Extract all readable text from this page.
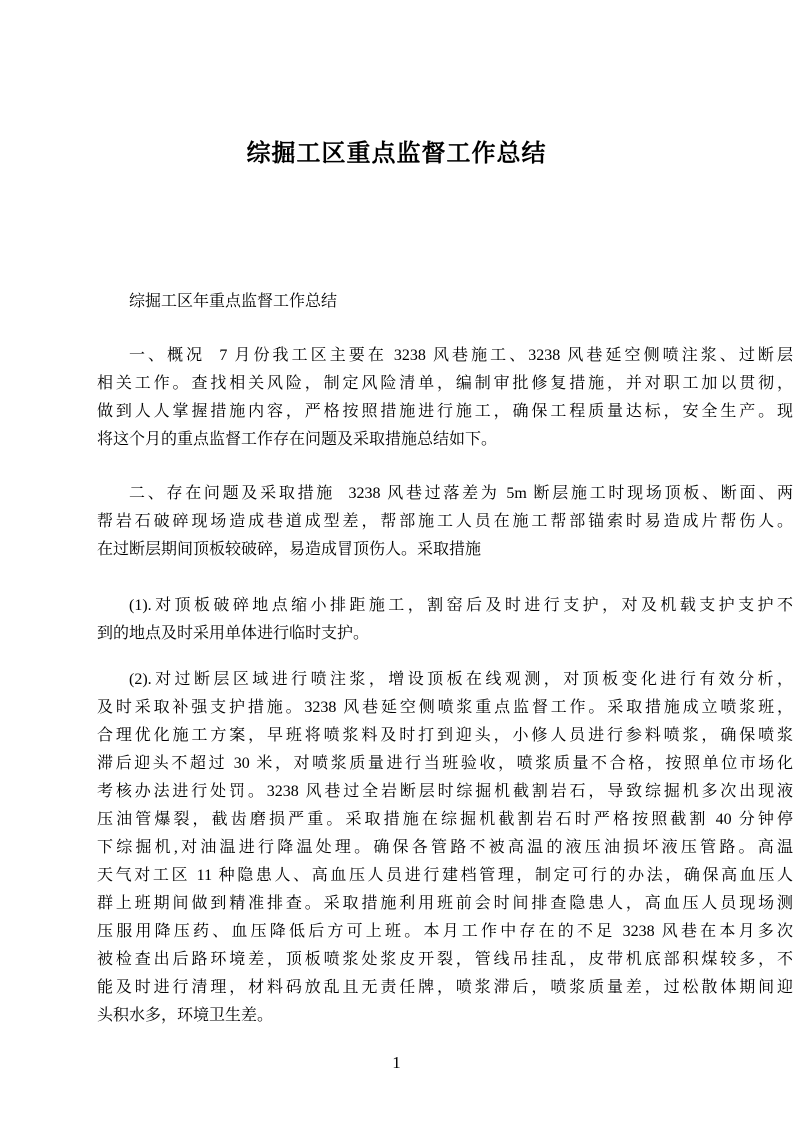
综掘工区重点监督工作总结
综掘工区年重点监督工作总结
一、概况  7 月份我工区主要在 3238 风巷施工、3238 风巷延空侧喷注浆、过断层
相关工作。查找相关风险，制定风险清单，编制审批修复措施，并对职工加以贯彻，
做到人人掌握措施内容，严格按照措施进行施工，确保工程质量达标，安全生产。现
将这个月的重点监督工作存在问题及采取措施总结如下。
二、存在问题及采取措施  3238 风巷过落差为 5m 断层施工时现场顶板、断面、两
帮岩石破碎现场造成巷道成型差，帮部施工人员在施工帮部锚索时易造成片帮伤人。
在过断层期间顶板较破碎，易造成冒顶伤人。采取措施
(1).对顶板破碎地点缩小排距施工，割窑后及时进行支护，对及机载支护支护不
到的地点及时采用单体进行临时支护。
(2).对过断层区域进行喷注浆，增设顶板在线观测，对顶板变化进行有效分析，
及时采取补强支护措施。3238 风巷延空侧喷浆重点监督工作。采取措施成立喷浆班，
合理优化施工方案，早班将喷浆料及时打到迎头，小修人员进行参料喷浆，确保喷浆
滞后迎头不超过 30 米，对喷浆质量进行当班验收，喷浆质量不合格，按照单位市场化
考核办法进行处罚。3238 风巷过全岩断层时综掘机截割岩石，导致综掘机多次出现液
压油管爆裂，截齿磨损严重。采取措施在综掘机截割岩石时严格按照截割 40 分钟停
下综掘机,对油温进行降温处理。确保各管路不被高温的液压油损坏液压管路。高温
天气对工区 11 种隐患人、高血压人员进行建档管理，制定可行的办法，确保高血压人
群上班期间做到精准排查。采取措施利用班前会时间排查隐患人，高血压人员现场测
压服用降压药、血压降低后方可上班。本月工作中存在的不足 3238 风巷在本月多次
被检查出后路环境差，顶板喷浆处浆皮开裂，管线吊挂乱，皮带机底部积煤较多，不
能及时进行清理，材料码放乱且无责任牌，喷浆滞后，喷浆质量差，过松散体期间迎
头积水多，环境卫生差。
1
